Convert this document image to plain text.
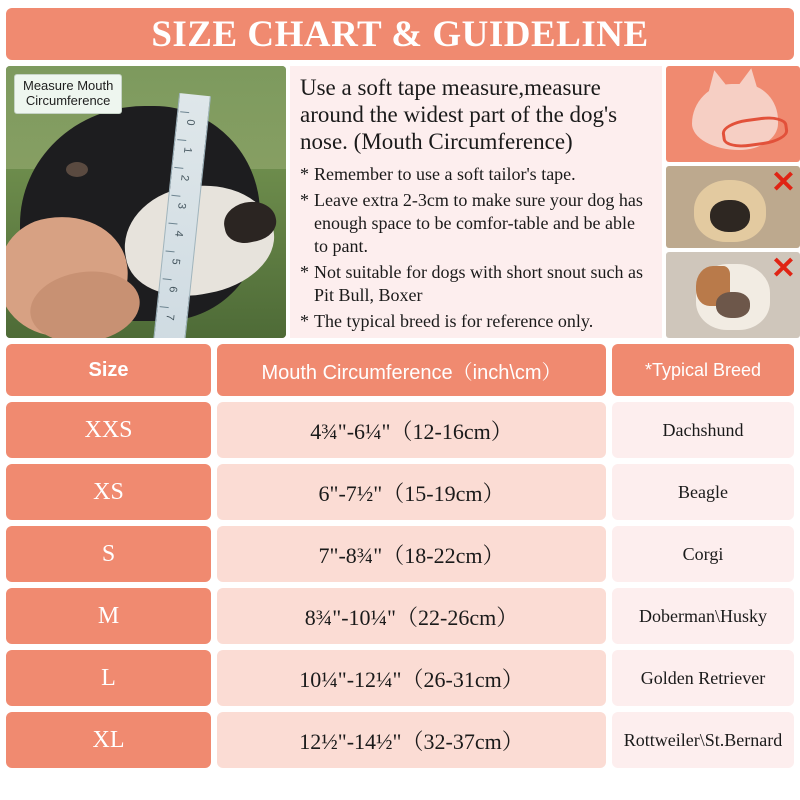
SIZE CHART & GUIDELINE
0
1
2
3
4
5
6
7
Measure Mouth
Circumference
Use a soft tape measure,measure around the widest part of the dog's nose. (Mouth Circumference)
* Remember to use a soft tailor's tape.
* Leave extra 2-3cm to make sure your dog has enough space to be comfor-table and be able to pant.
* Not suitable for dogs with short snout such as Pit Bull, Boxer
* The typical breed is for reference only.
✕
✕
Size	Mouth Circumference（inch\cm）	*Typical Breed
XXS	4¾"-6¼"（12-16cm）	Dachshund
XS	6"-7½"（15-19cm）	Beagle
S	7"-8¾"（18-22cm）	Corgi
M	8¾"-10¼"（22-26cm）	Doberman\Husky
L	10¼"-12¼"（26-31cm）	Golden Retriever
XL	12½"-14½"（32-37cm）	Rottweiler\St.Bernard
